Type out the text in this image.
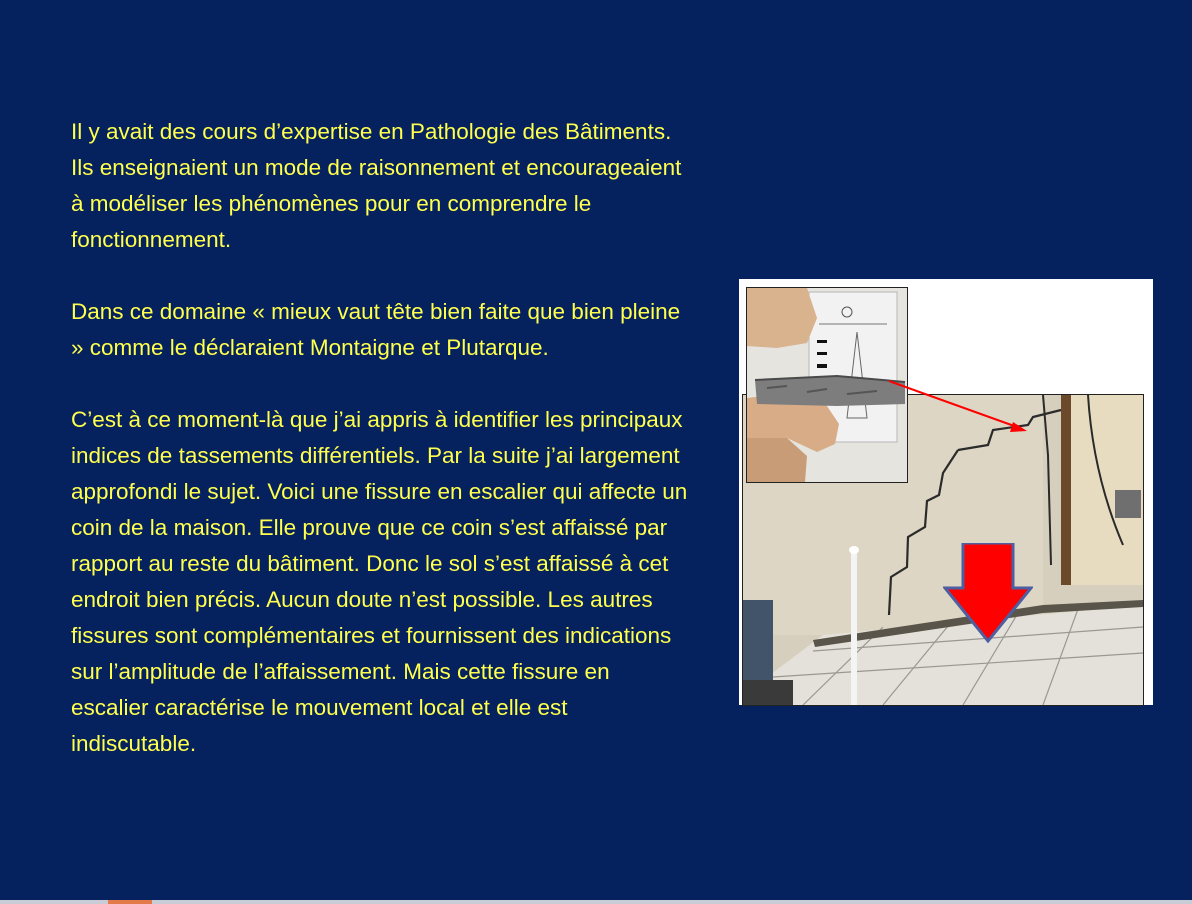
Il y avait des cours d’expertise en Pathologie des Bâtiments. Ils enseignaient un mode de raisonnement et encourageaient à modéliser les phénomènes pour en comprendre le fonctionnement.

Dans ce domaine « mieux vaut tête bien faite que bien pleine » comme le déclaraient Montaigne et Plutarque.

C’est à ce moment-là que j’ai appris à identifier les principaux indices de tassements différentiels. Par la suite j’ai largement approfondi le sujet. Voici une fissure en escalier qui affecte un coin de la maison. Elle prouve que ce coin s’est affaissé par rapport au reste du bâtiment. Donc le sol s’est affaissé à cet endroit bien précis. Aucun doute n’est possible. Les autres fissures sont complémentaires et fournissent des indications sur l’amplitude de l’affaissement. Mais cette fissure en escalier caractérise le mouvement local et elle est indiscutable.
